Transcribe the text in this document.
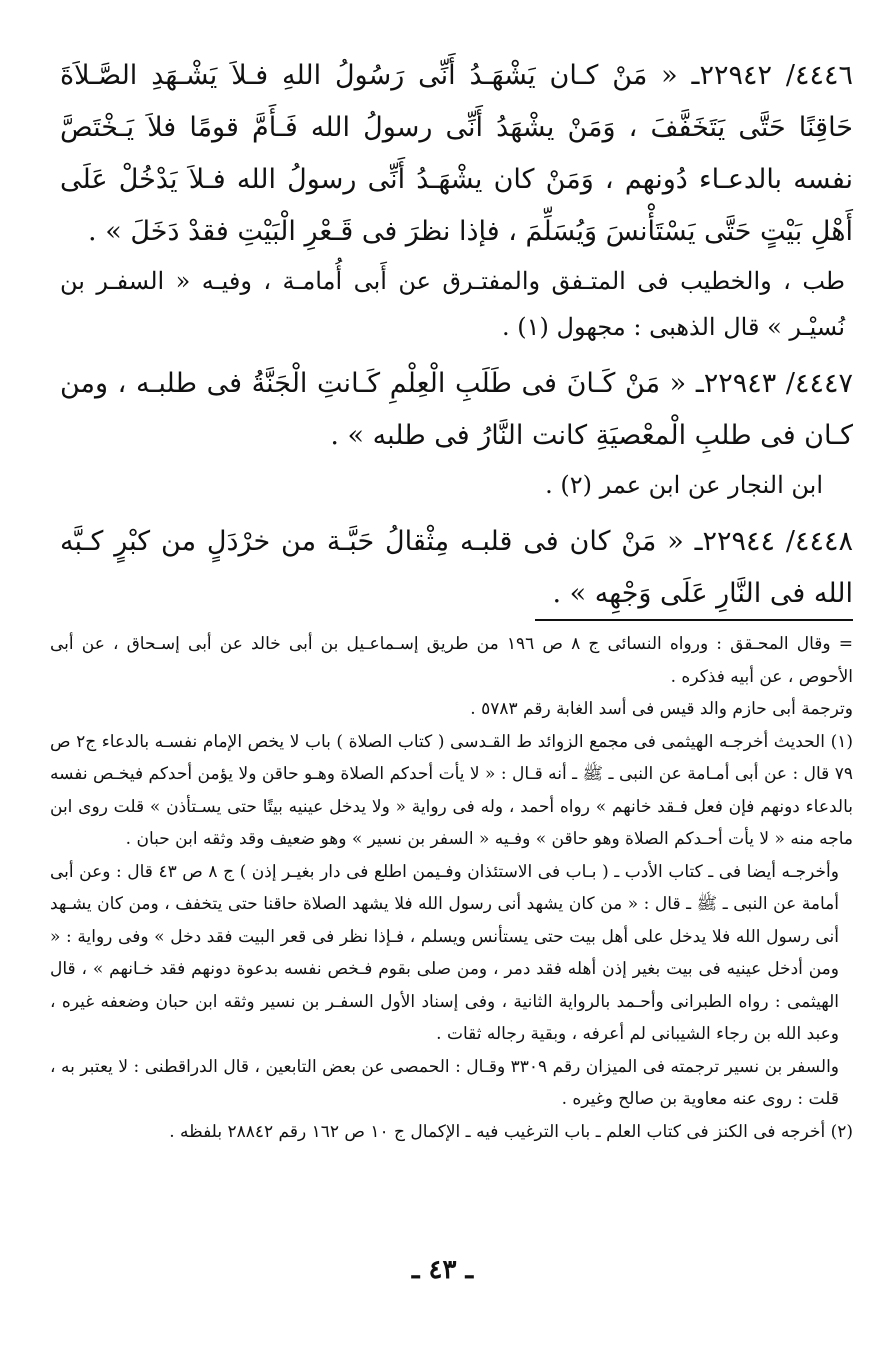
٤٤٤٦/ ٢٢٩٤٢ـ « مَنْ كـان يَشْهَـدُ أَنِّى رَسُولُ اللهِ فـلاَ يَشْـهَدِ الصَّـلاَةَ حَاقِنًا حَتَّى يَتَخَفَّفَ ، وَمَنْ يشْهَدُ أَنِّى رسولُ الله فَـأَمَّ قومًا فلاَ يَـخْتَصَّ نفسه بالدعـاء دُونهم ، وَمَنْ كان يشْهَـدُ أَنِّى رسولُ الله فـلاَ يَدْخُلْ عَلَى أَهْلِ بَيْتٍ حَتَّى يَسْتَأْنسَ وَيُسَلِّمَ ، فإذا نظرَ فى قَـعْرِ الْبَيْتِ فقدْ دَخَلَ » .

طب ، والخطيب فى المتـفق والمفتـرق عن أَبى أُمامـة ، وفيـه « السفـر بن نُسيْـر » قال الذهبى : مجهول (١) .

٤٤٤٧/ ٢٢٩٤٣ـ « مَنْ كَـانَ فى طَلَبِ الْعِلْمِ كَـانتِ الْجَنَّةُ فى طلبـه ، ومن كـان فى طلبِ الْمعْصيَةِ كانت النَّارُ فى طلبه » .

ابن النجار عن ابن عمر (٢) .

٤٤٤٨/ ٢٢٩٤٤ـ « مَنْ كان فى قلبـه مِثْقالُ حَبَّـة من خرْدَلٍ من كبْرٍ كـبَّه الله فى النَّارِ عَلَى وَجْهِه » .

= وقال المحـقق : ورواه النسائى ج ٨ ص ١٩٦ من طريق إسـماعـيل بن أبى خالد عن أبى إسـحاق ، عن أبى الأحوص ، عن أبيه فذكره .

وترجمة أبى حازم والد قيس فى أسد الغابة رقم ٥٧٨٣ .

(١) الحديث أخرجـه الهيثمى فى مجمع الزوائد ط القـدسى ( كتاب الصلاة ) باب لا يخص الإمام نفسـه بالدعاء ج٢ ص ٧٩ قال : عن أبى أمـامة عن النبى ـ ﷺ ـ أنه قـال : « لا يأت أحدكم الصلاة وهـو حاقن ولا يؤمن أحدكم فيخـص نفسه بالدعاء دونهم فإن فعل فـقد خانهم » رواه أحمد ، وله فى رواية « ولا يدخل عينيه بيتًا حتى يسـتأذن » قلت روى ابن ماجه منه « لا يأت أحـدكم الصلاة وهو حاقن » وفـيه « السفر بن نسير » وهو ضعيف وقد وثقه ابن حبان .

وأخرجـه أيضا فى ـ كتاب الأدب ـ ( بـاب فى الاستئذان وفـيمن اطلع فى دار بغيـر إذن ) ج ٨ ص ٤٣ قال : وعن أبى أمامة عن النبى ـ ﷺ ـ قال : « من كان يشهد أنى رسول الله فلا يشهد الصلاة حاقنا حتى يتخفف ، ومن كان يشـهد أنى رسول الله فلا يدخل على أهل بيت حتى يستأنس ويسلم ، فـإذا نظر فى قعر البيت فقد دخل » وفى رواية : « ومن أدخل عينيه فى بيت بغير إذن أهله فقد دمر ، ومن صلى بقوم فـخص نفسه بدعوة دونهم فقد خـانهم » ، قال الهيثمى : رواه الطبرانى وأحـمد بالرواية الثانية ، وفى إسناد الأول السفـر بن نسير وثقه ابن حبان وضعفه غيره ، وعبد الله بن رجاء الشيبانى لم أعرفه ، وبقية رجاله ثقات .

والسفر بن نسير ترجمته فى الميزان رقم ٣٣٠٩ وقـال : الحمصى عن بعض التابعين ، قال الدراقطنى : لا يعتبر به ، قلت : روى عنه معاوية بن صالح وغيره .

(٢) أخرجه فى الكنز فى كتاب العلم ـ باب الترغيب فيه ـ الإكمال ج ١٠ ص ١٦٢ رقم ٢٨٨٤٢ بلفظه .

ـ ٤٣ ـ
